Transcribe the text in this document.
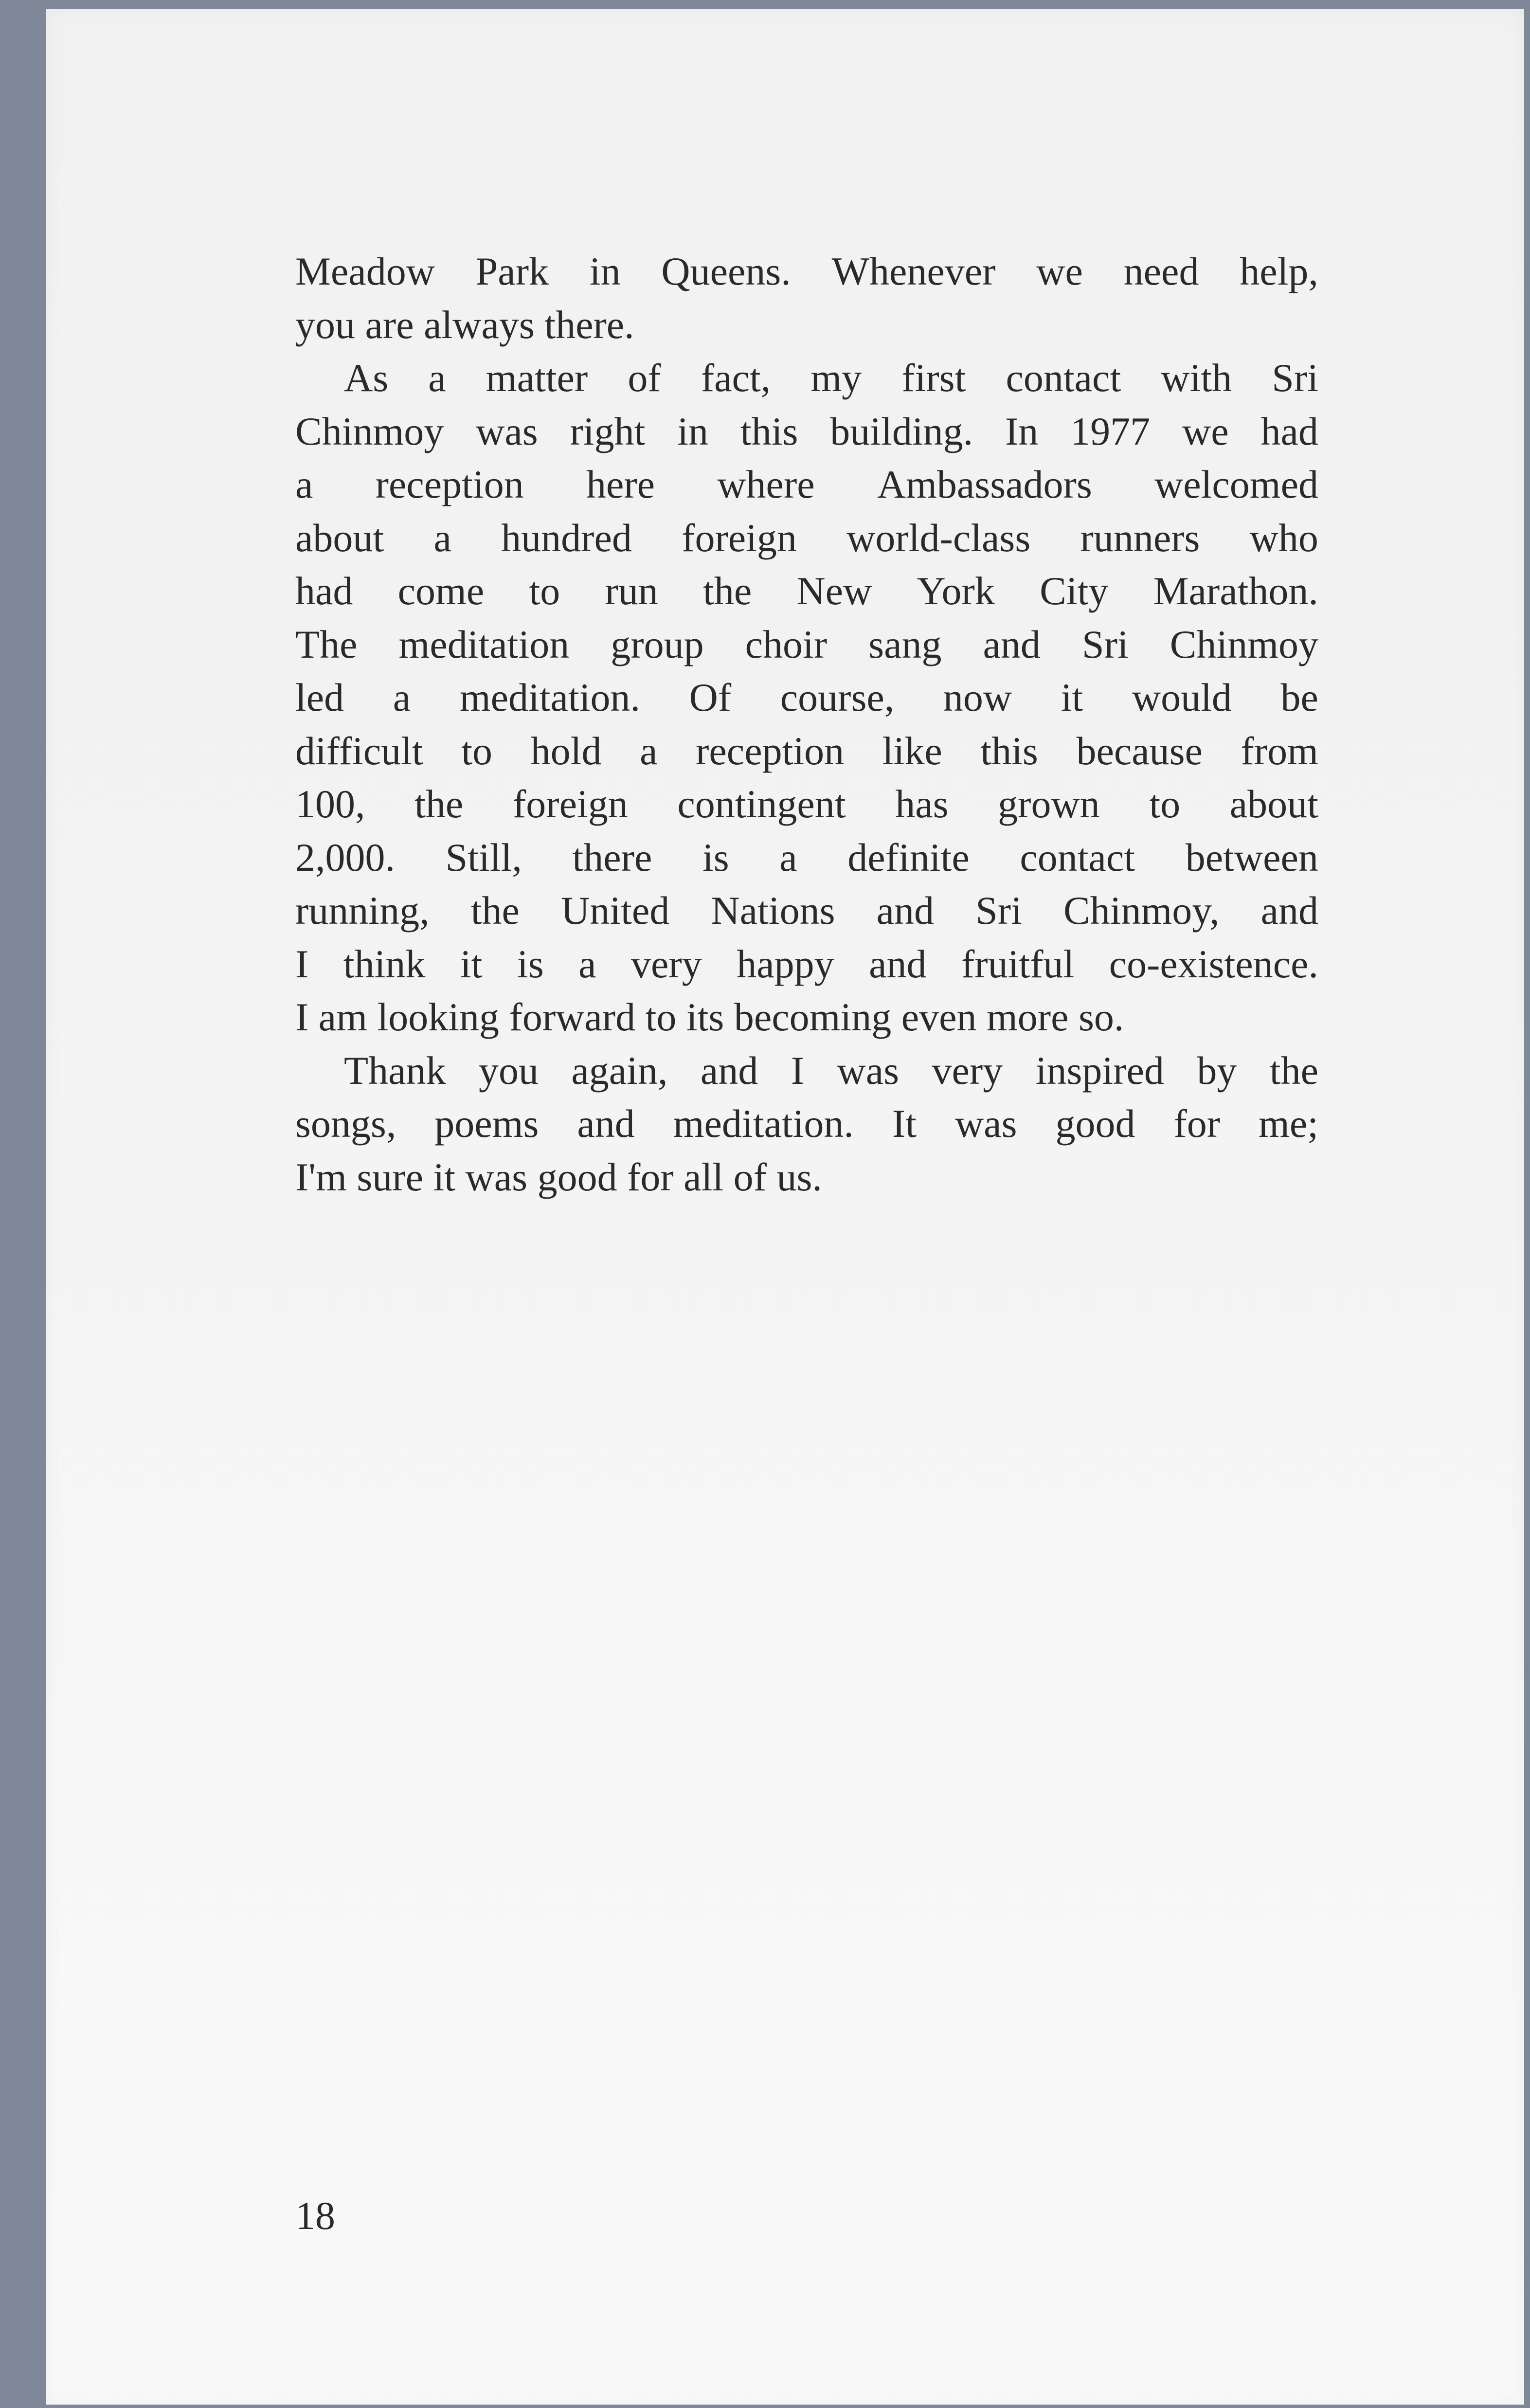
Meadow Park in Queens. Whenever we need help,
you are always there.

As a matter of fact, my first contact with Sri
Chinmoy was right in this building. In 1977 we had
a reception here where Ambassadors welcomed
about a hundred foreign world-class runners who
had come to run the New York City Marathon.
The meditation group choir sang and Sri Chinmoy
led a meditation. Of course, now it would be
difficult to hold a reception like this because from
100, the foreign contingent has grown to about
2,000. Still, there is a definite contact between
running, the United Nations and Sri Chinmoy, and
I think it is a very happy and fruitful co-existence.
I am looking forward to its becoming even more so.

Thank you again, and I was very inspired by the
songs, poems and meditation. It was good for me;
I'm sure it was good for all of us.

18
